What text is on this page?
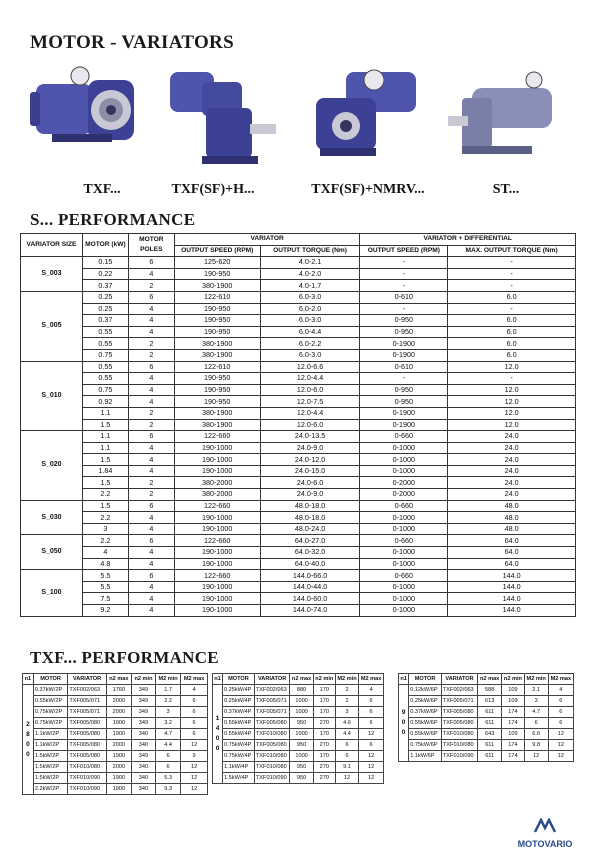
MOTOR - VARIATORS
TXF...	TXF(SF)+H...	TXF(SF)+NMRV...	ST...
S... PERFORMANCE
VARIATOR SIZE	MOTOR (kW)	MOTOR POLES	VARIATOR		VARIATOR + DIFFERENTIAL	
			OUTPUT SPEED (RPM)	OUTPUT TORQUE (Nm)	OUTPUT SPEED (RPM)	MAX. OUTPUT TORQUE (Nm)
S_003	0.15	6	125-620	4.0-2.1	-	-
	0.22	4	190-950	4.0-2.0	-	-
	0.37	2	380-1900	4.0-1.7	-	-
S_005	0.25	6	122-610	6.0-3.0	0-610	6.0
	0.25	4	190-950	6.0-2.0	-	-
	0.37	4	190-950	6.0-3.0	0-950	6.0
	0.55	4	190-950	6.0-4.4	0-950	6.0
	0.55	2	380-1900	6.0-2.2	0-1900	6.0
	0.75	2	380-1900	6.0-3.0	0-1900	6.0
S_010	0.55	6	122-610	12.0-6.6	0-610	12.0
	0.55	4	190-950	12.0-4.4	-	-
	0.75	4	190-950	12.0-6.0	0-950	12.0
	0.92	4	190-950	12.0-7.5	0-950	12.0
	1.1	2	380-1900	12.0-4.4	0-1900	12.0
	1.5	2	380-1900	12.0-6.0	0-1900	12.0
S_020	1.1	6	122-660	24.0-13.5	0-660	24.0
	1.1	4	190-1000	24.0-9.0	0-1000	24.0
	1.5	4	190-1000	24.0-12.0	0-1000	24.0
	1.84	4	190-1000	24.0-15.0	0-1000	24.0
	1.5	2	380-2000	24.0-6.0	0-2000	24.0
	2.2	2	380-2000	24.0-9.0	0-2000	24.0
S_030	1.5	6	122-660	48.0-18.0	0-660	48.0
	2.2	4	190-1000	48.0-18.0	0-1000	48.0
	3	4	190-1000	48.0-24.0	0-1000	48.0
S_050	2.2	6	122-660	64.0-27.0	0-660	64.0
	4	4	190-1000	64.0-32.0	0-1000	64.0
	4.8	4	190-1000	64.0-40.0	0-1000	64.0
S_100	5.5	6	122-660	144.0-66.0	0-660	144.0
	5.5	4	190-1000	144.0-44.0	0-1000	144.0
	7.5	4	190-1000	144.0-60.0	0-1000	144.0
	9.2	4	190-1000	144.0-74.0	0-1000	144.0
TXF... PERFORMANCE
n1	MOTOR	VARIATOR	n2 max	n2 min	M2 min	M2 max
2800	0.37kW/2P	TXF002/063	1760	349	1.7	4
	0.55kW/2P	TXF005/071	2000	349	2.2	6
	0.75kW/2P	TXF005/071	2000	349	3	6
	0.75kW/2P	TXF005/080	1900	349	3.2	6
	1.1kW/2P	TXF005/080	1900	340	4.7	6
	1.1kW/2P	TXF005/080	2000	340	4.4	12
	1.5kW/2P	TXF005/080	1900	349	6	9
	1.5kW/2P	TXF010/080	2000	340	6	12
	1.5kW/2P	TXF010/090	1900	340	5.3	12
	2.2kW/2P	TXF010/090	1900	340	9.3	12
n1	MOTOR	VARIATOR	n2 max	n2 min	M2 min	M2 max
1400	0.25kW/4P	TXF002/063	880	170	2	4
	0.25kW/4P	TXF005/071	1000	170	2	6
	0.37kW/4P	TXF005/071	1000	170	3	6
	0.55kW/4P	TXF005/080	950	270	4.6	6
	0.55kW/4P	TXF010/080	1000	170	4.4	12
	0.75kW/4P	TXF005/080	950	270	6	6
	0.75kW/4P	TXF010/080	1000	170	6	12
	1.1kW/4P	TXF010/080	950	270	9.1	12
	1.5kW/4P	TXF010/090	950	270	12	12
n1	MOTOR	VARIATOR	n2 max	n2 min	M2 min	M2 max
900	0.12kW/6P	TXF002/063	588	109	2.1	4
	0.25kW/6P	TXF005/071	613	109	3	6
	0.37kW/6P	TXF005/080	611	174	4.7	6
	0.55kW/6P	TXF005/080	611	174	6	6
	0.55kW/6P	TXF010/080	643	109	6.6	12
	0.75kW/6P	TXF010/080	611	174	9.8	12
	1.1kW/6P	TXF010/090	611	174	12	12
MOTOVARIO
